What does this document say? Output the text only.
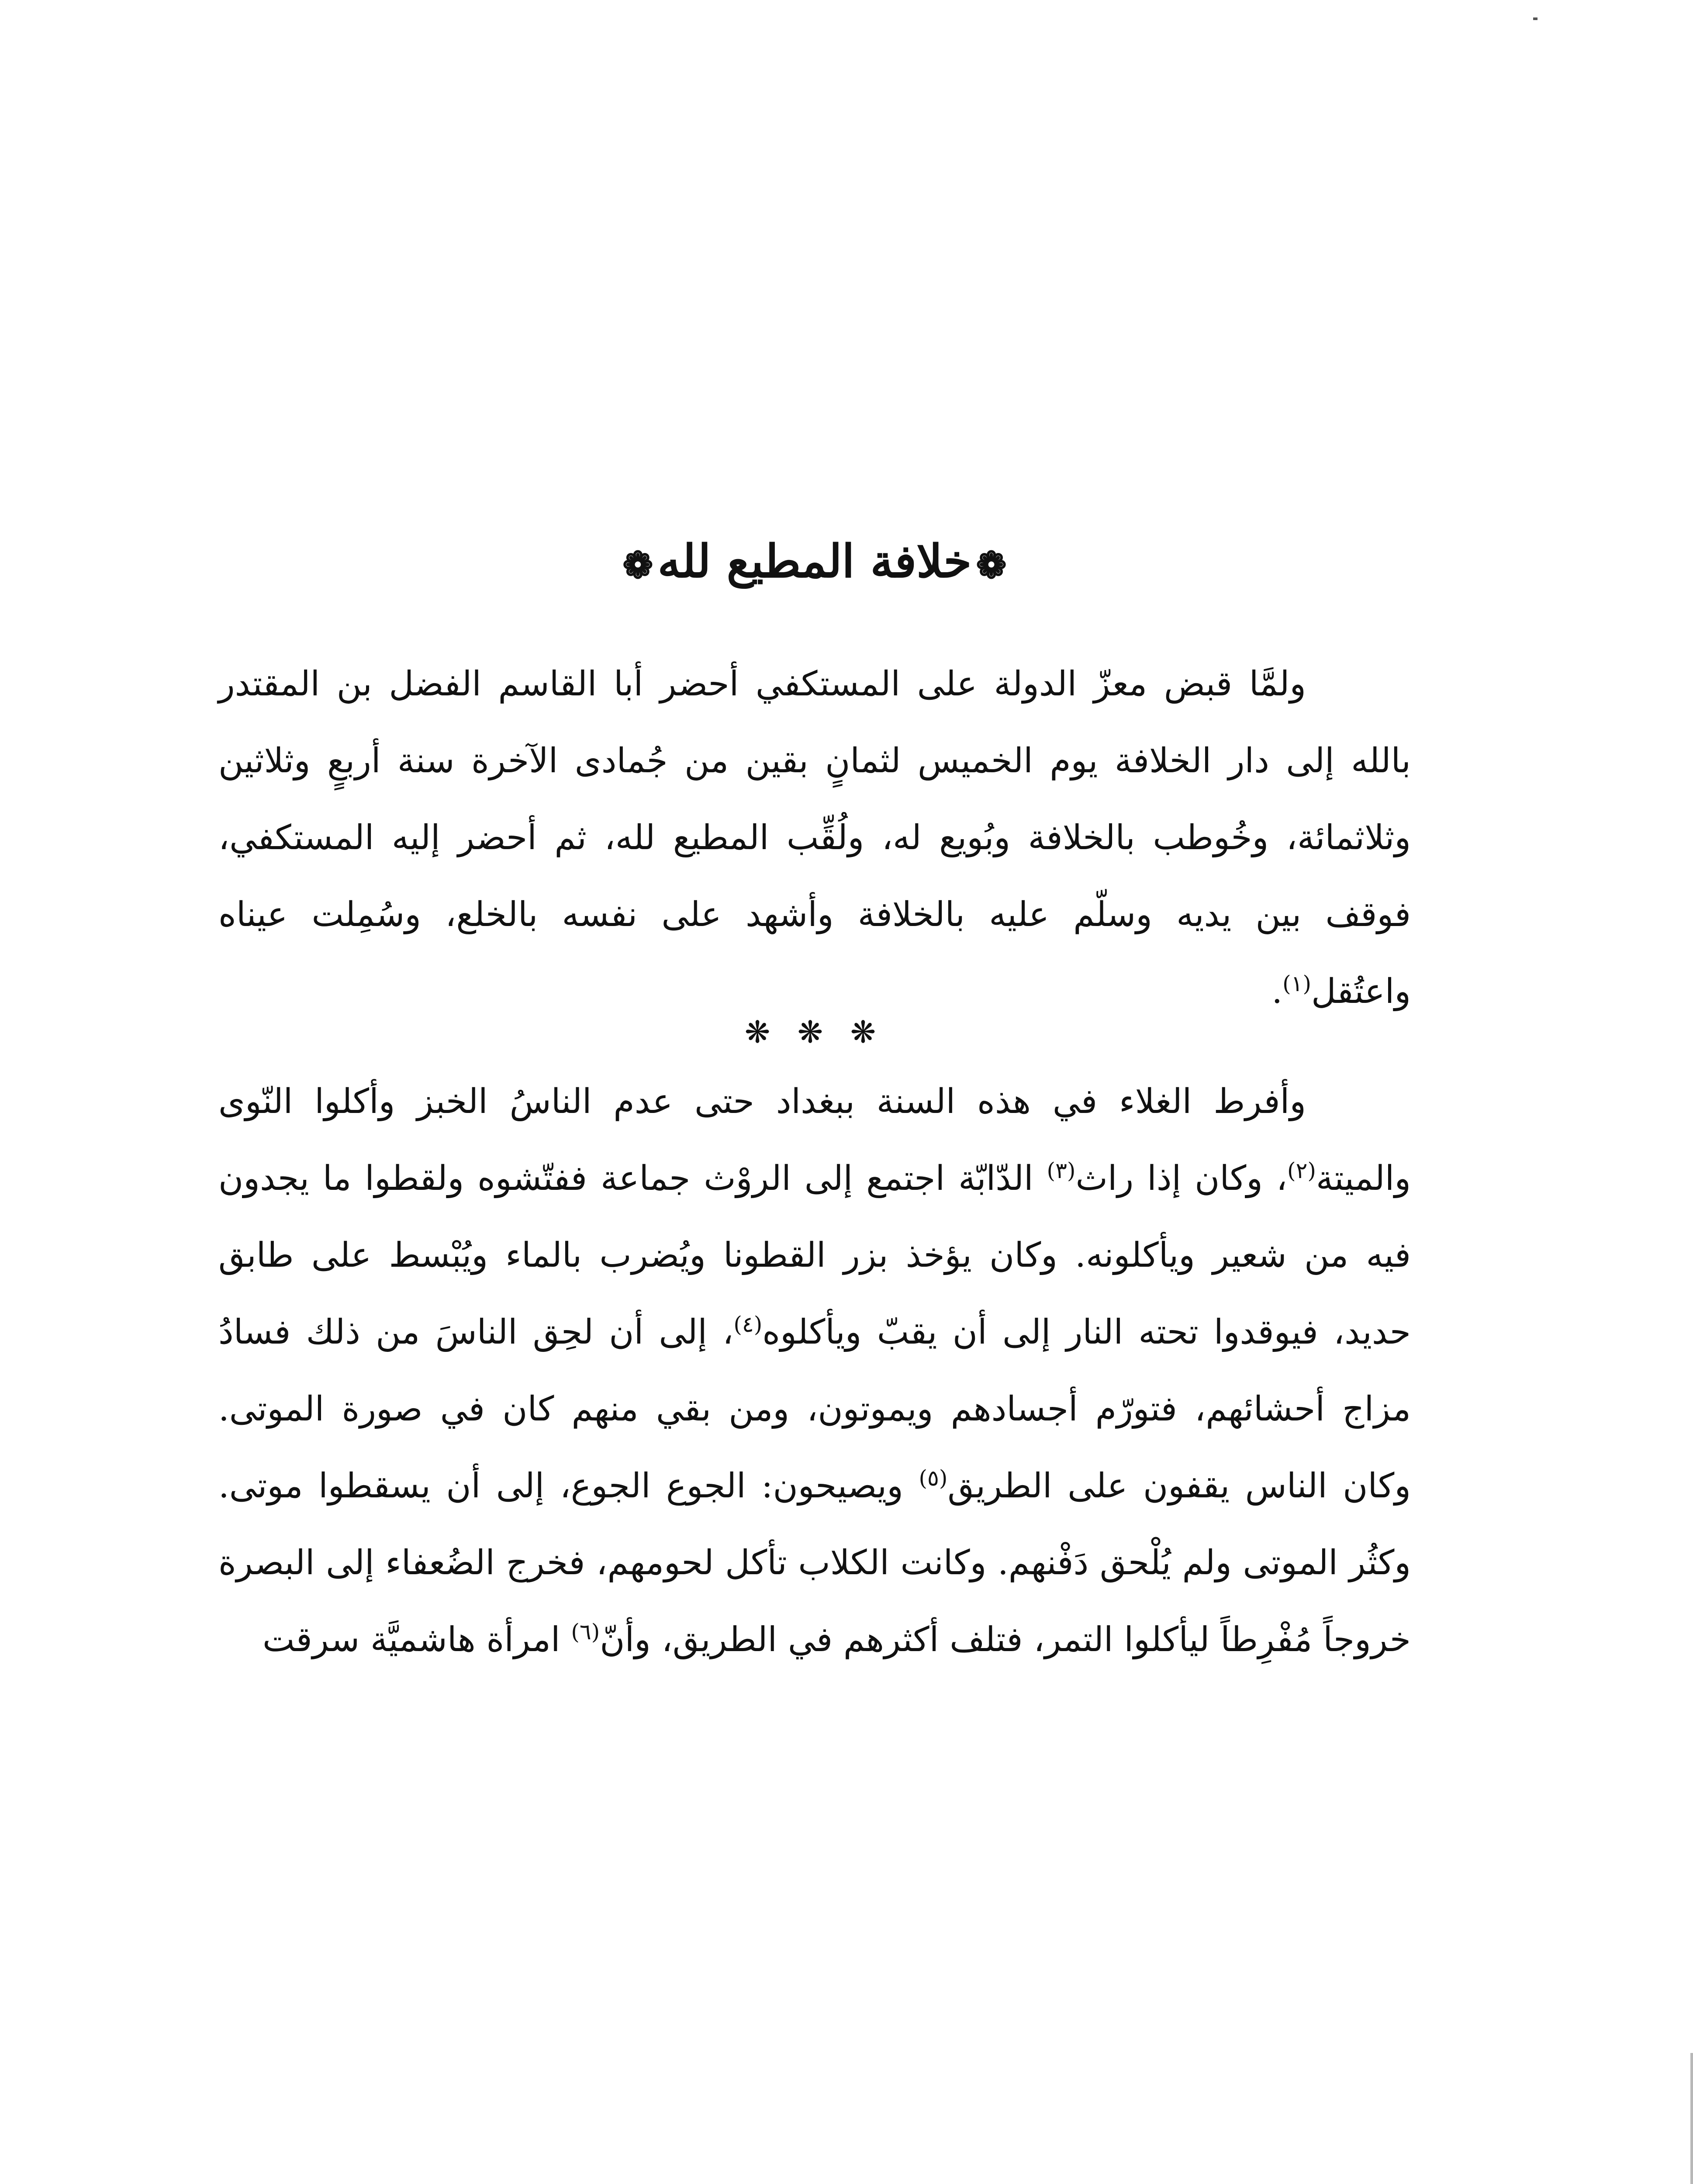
❁خلافة المطيع لله❁

ولمَّا قبض معزّ الدولة على المستكفي أحضر أبا القاسم الفضل بن المقتدر بالله إلى دار الخلافة يوم الخميس لثمانٍ بقين من جُمادى الآخرة سنة أربعٍ وثلاثين وثلاثمائة، وخُوطب بالخلافة وبُويع له، ولُقِّب المطيع لله، ثم أحضر إليه المستكفي، فوقف بين يديه وسلّم عليه بالخلافة وأشهد على نفسه بالخلع، وسُمِلت عيناه واعتُقل$^{(١)}$.

❋ ❋ ❋

وأفرط الغلاء في هذه السنة ببغداد حتى عدم الناسُ الخبز وأكلوا النّوى والميتة$^{(٢)}$، وكان إذا راث$^{(٣)}$ الدّابّة اجتمع إلى الروْث جماعة ففتّشوه ولقطوا ما يجدون فيه من شعير ويأكلونه. وكان يؤخذ بزر القطونا ويُضرب بالماء ويُبْسط على طابق حديد، فيوقدوا تحته النار إلى أن يقبّ ويأكلوه$^{(٤)}$، إلى أن لحِق الناسَ من ذلك فسادُ مزاج أحشائهم، فتورّم أجسادهم ويموتون، ومن بقي منهم كان في صورة الموتى. وكان الناس يقفون على الطريق$^{(٥)}$ ويصيحون: الجوع الجوع، إلى أن يسقطوا موتى. وكثُر الموتى ولم يُلْحق دَفْنهم. وكانت الكلاب تأكل لحومهم، فخرج الضُعفاء إلى البصرة خروجاً مُفْرِطاً ليأكلوا التمر، فتلف أكثرهم في الطريق، وأنّ$^{(٦)}$ امرأة هاشميَّة سرقت
